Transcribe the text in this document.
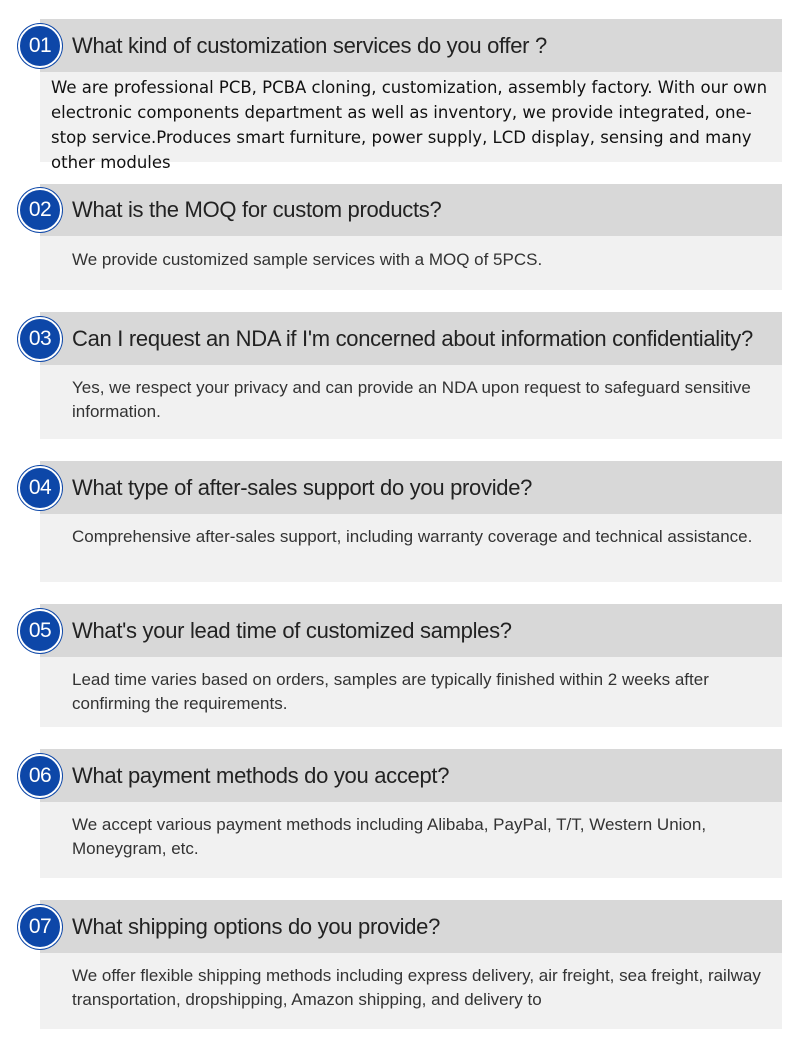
What kind of customization services do you offer ?
We are professional PCB, PCBA cloning, customization, assembly factory. With our own electronic components department as well as inventory, we provide integrated, one-stop service.Produces smart furniture, power supply, LCD display, sensing and many other modules
01
What is the MOQ for custom products?
We provide customized sample services with a MOQ of 5PCS.
02
Can I request an NDA if I'm concerned about information confidentiality?
Yes, we respect your privacy and can provide an NDA upon request to safeguard sensitive information.
03
What type of after-sales support do you provide?
Comprehensive after-sales support, including warranty coverage and technical assistance.
04
What's your lead time of customized samples?
Lead time varies based on orders, samples are typically finished within 2 weeks after confirming the requirements.
05
What payment methods do you accept?
We accept various payment methods including Alibaba, PayPal, T/T, Western Union, Moneygram, etc.
06
What shipping options do you provide?
We offer flexible shipping methods including express delivery, air freight, sea freight, railway transportation, dropshipping, Amazon shipping, and delivery to
07
